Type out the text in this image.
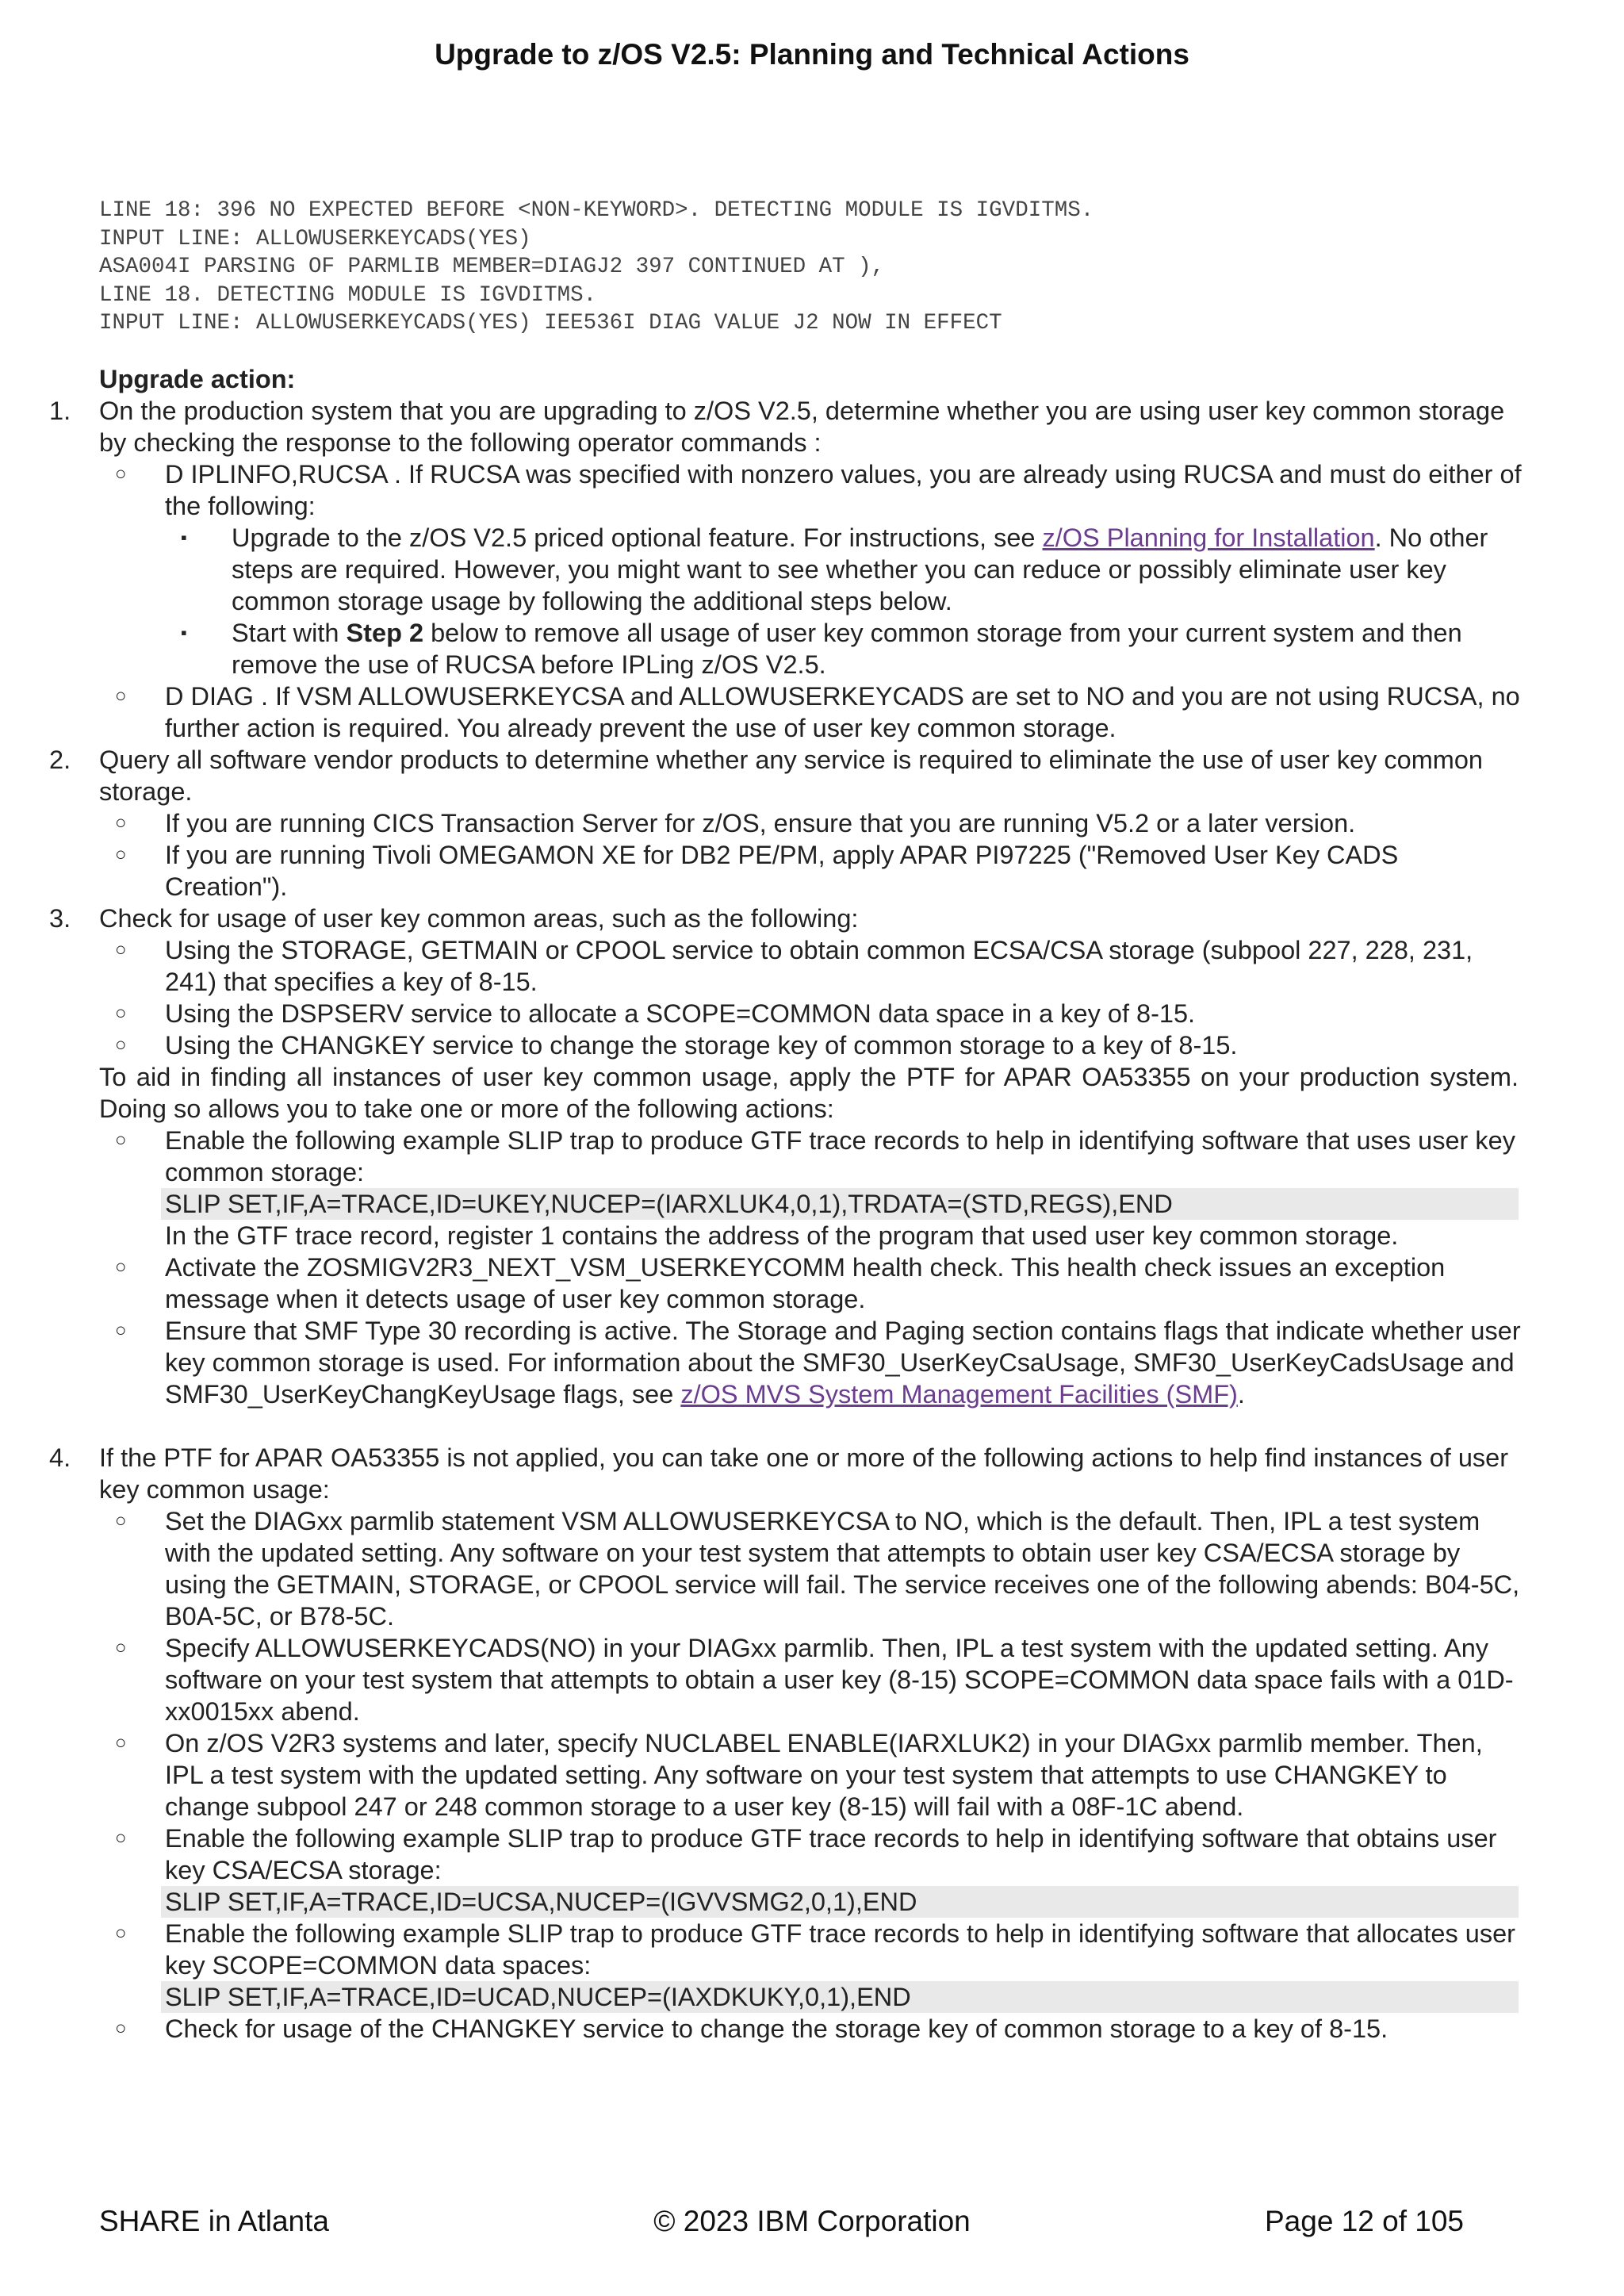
Upgrade to z/OS V2.5: Planning and Technical Actions
LINE 18: 396 NO EXPECTED BEFORE <NON-KEYWORD>. DETECTING MODULE IS IGVDITMS.
INPUT LINE: ALLOWUSERKEYCADS(YES)
ASA004I PARSING OF PARMLIB MEMBER=DIAGJ2 397 CONTINUED AT ),
LINE 18. DETECTING MODULE IS IGVDITMS.
INPUT LINE: ALLOWUSERKEYCADS(YES) IEE536I DIAG VALUE J2 NOW IN EFFECT
Upgrade action:
1. On the production system that you are upgrading to z/OS V2.5, determine whether you are using user key common storage by checking the response to the following operator commands :
○ D IPLINFO,RUCSA . If RUCSA was specified with nonzero values, you are already using RUCSA and must do either of the following:
▪ Upgrade to the z/OS V2.5 priced optional feature. For instructions, see z/OS Planning for Installation. No other steps are required. However, you might want to see whether you can reduce or possibly eliminate user key common storage usage by following the additional steps below.
▪ Start with Step 2 below to remove all usage of user key common storage from your current system and then remove the use of RUCSA before IPLing z/OS V2.5.
○ D DIAG . If VSM ALLOWUSERKEYCSA and ALLOWUSERKEYCADS are set to NO and you are not using RUCSA, no further action is required. You already prevent the use of user key common storage.
2. Query all software vendor products to determine whether any service is required to eliminate the use of user key common storage.
○ If you are running CICS Transaction Server for z/OS, ensure that you are running V5.2 or a later version.
○ If you are running Tivoli OMEGAMON XE for DB2 PE/PM, apply APAR PI97225 ("Removed User Key CADS Creation").
3. Check for usage of user key common areas, such as the following:
○ Using the STORAGE, GETMAIN or CPOOL service to obtain common ECSA/CSA storage (subpool 227, 228, 231, 241) that specifies a key of 8-15.
○ Using the DSPSERV service to allocate a SCOPE=COMMON data space in a key of 8-15.
○ Using the CHANGKEY service to change the storage key of common storage to a key of 8-15.
To aid in finding all instances of user key common usage, apply the PTF for APAR OA53355 on your production system. Doing so allows you to take one or more of the following actions:
○ Enable the following example SLIP trap to produce GTF trace records to help in identifying software that uses user key common storage:
SLIP SET,IF,A=TRACE,ID=UKEY,NUCEP=(IARXLUK4,0,1),TRDATA=(STD,REGS),END
In the GTF trace record, register 1 contains the address of the program that used user key common storage.
○ Activate the ZOSMIGV2R3_NEXT_VSM_USERKEYCOMM health check. This health check issues an exception message when it detects usage of user key common storage.
○ Ensure that SMF Type 30 recording is active. The Storage and Paging section contains flags that indicate whether user key common storage is used. For information about the SMF30_UserKeyCsaUsage, SMF30_UserKeyCadsUsage and SMF30_UserKeyChangKeyUsage flags, see z/OS MVS System Management Facilities (SMF).
4. If the PTF for APAR OA53355 is not applied, you can take one or more of the following actions to help find instances of user key common usage:
○ Set the DIAGxx parmlib statement VSM ALLOWUSERKEYCSA to NO, which is the default. Then, IPL a test system with the updated setting. Any software on your test system that attempts to obtain user key CSA/ECSA storage by using the GETMAIN, STORAGE, or CPOOL service will fail. The service receives one of the following abends: B04-5C, B0A-5C, or B78-5C.
○ Specify ALLOWUSERKEYCADS(NO) in your DIAGxx parmlib. Then, IPL a test system with the updated setting. Any software on your test system that attempts to obtain a user key (8-15) SCOPE=COMMON data space fails with a 01D-xx0015xx abend.
○ On z/OS V2R3 systems and later, specify NUCLABEL ENABLE(IARXLUK2) in your DIAGxx parmlib member. Then, IPL a test system with the updated setting. Any software on your test system that attempts to use CHANGKEY to change subpool 247 or 248 common storage to a user key (8-15) will fail with a 08F-1C abend.
○ Enable the following example SLIP trap to produce GTF trace records to help in identifying software that obtains user key CSA/ECSA storage:
SLIP SET,IF,A=TRACE,ID=UCSA,NUCEP=(IGVVSMG2,0,1),END
○ Enable the following example SLIP trap to produce GTF trace records to help in identifying software that allocates user key SCOPE=COMMON data spaces:
SLIP SET,IF,A=TRACE,ID=UCAD,NUCEP=(IAXDKUKY,0,1),END
○ Check for usage of the CHANGKEY service to change the storage key of common storage to a key of 8-15.
SHARE in Atlanta	© 2023 IBM Corporation	Page 12 of 105
